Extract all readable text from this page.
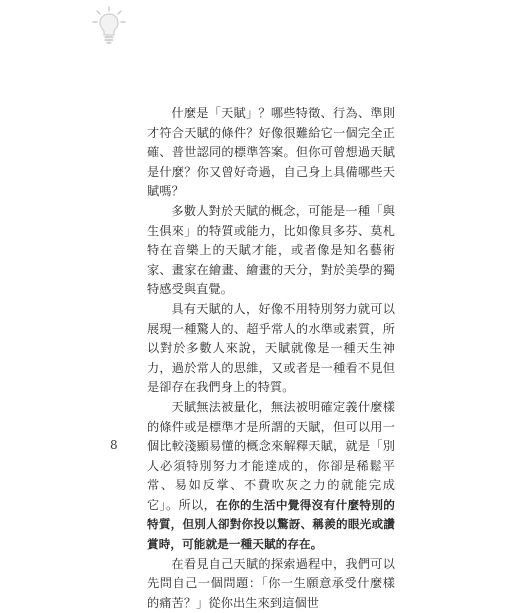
什麼是「天賦」？哪些特徵、行為、準則才符合天賦的條件？好像很難給它一個完全正確、普世認同的標準答案。但你可曾想過天賦是什麼？你又曾好奇過，自己身上具備哪些天賦嗎？

多數人對於天賦的概念，可能是一種「與生俱來」的特質或能力，比如像貝多芬、莫札特在音樂上的天賦才能，或者像是知名藝術家、畫家在繪畫、繪畫的天分，對於美學的獨特感受與直覺。

具有天賦的人，好像不用特別努力就可以展現一種驚人的、超乎常人的水準或素質，所以對於多數人來說，天賦就像是一種天生神力，過於常人的思維，又或者是一種看不見但是卻存在我們身上的特質。

天賦無法被量化，無法被明確定義什麼樣的條件或是標準才是所謂的天賦，但可以用一個比較淺顯易懂的概念來解釋天賦，就是「別人必須特別努力才能達成的，你卻是稀鬆平常、易如反掌、不費吹灰之力的就能完成它」。所以，在你的生活中覺得沒有什麼特別的特質，但別人卻對你投以驚訝、稱羨的眼光或讚賞時，可能就是一種天賦的存在。

在看見自己天賦的探索過程中，我們可以先問自己一個問題：「你一生願意承受什麼樣的痛苦？」從你出生來到這個世

8
